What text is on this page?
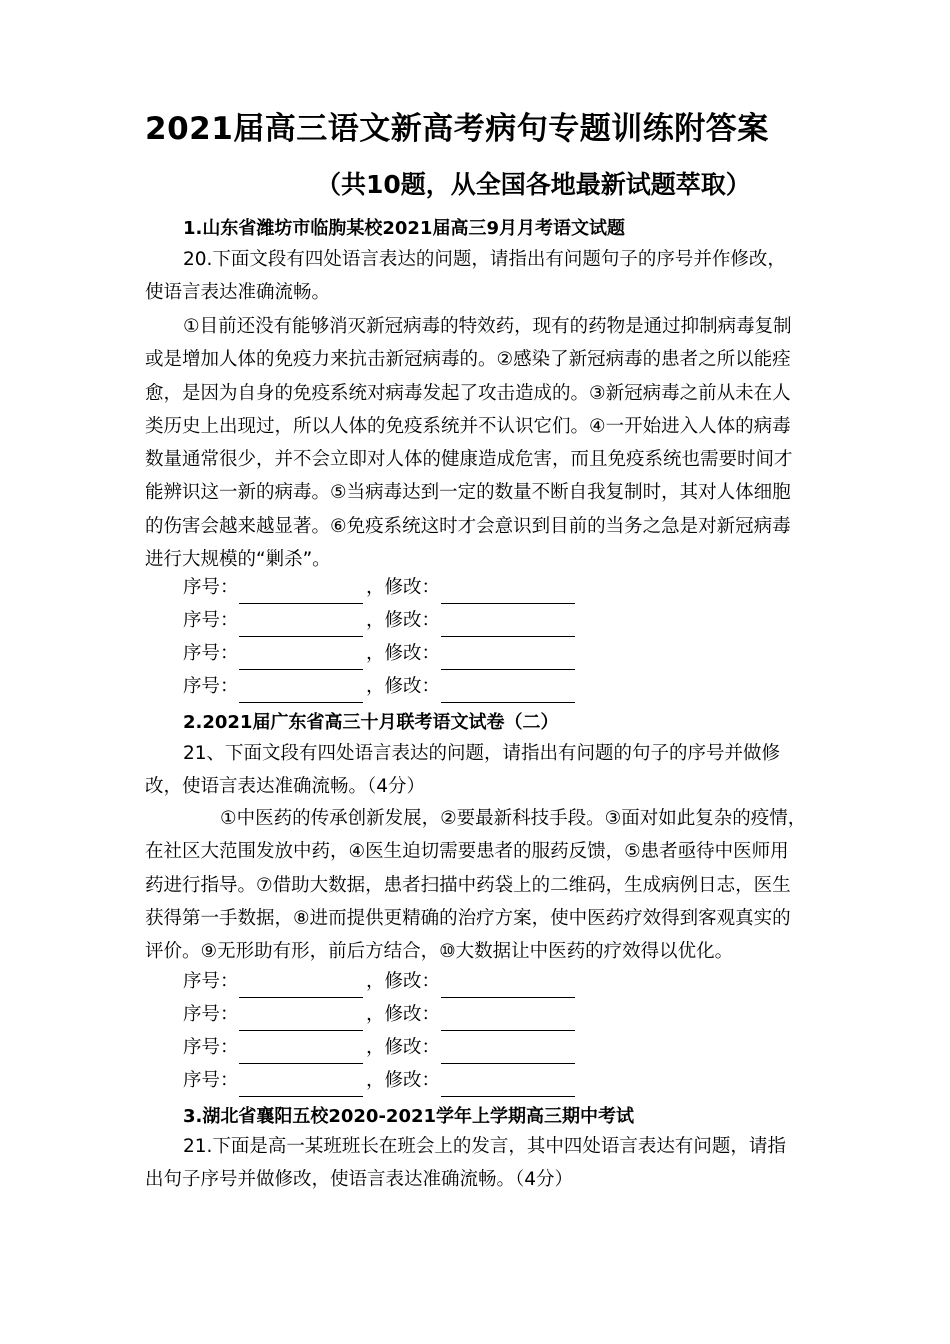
2021届高三语文新高考病句专题训练附答案
（共10题，从全国各地最新试题萃取）
1.山东省潍坊市临朐某校2021届高三9月月考语文试题
20.下面文段有四处语言表达的问题，请指出有问题句子的序号并作修改，
使语言表达准确流畅。
①目前还没有能够消灭新冠病毒的特效药，现有的药物是通过抑制病毒复制
或是增加人体的免疫力来抗击新冠病毒的。②感染了新冠病毒的患者之所以能痊
愈，是因为自身的免疫系统对病毒发起了攻击造成的。③新冠病毒之前从未在人
类历史上出现过，所以人体的免疫系统并不认识它们。④一开始进入人体的病毒
数量通常很少，并不会立即对人体的健康造成危害，而且免疫系统也需要时间才
能辨识这一新的病毒。⑤当病毒达到一定的数量不断自我复制时，其对人体细胞
的伤害会越来越显著。⑥免疫系统这时才会意识到目前的当务之急是对新冠病毒
进行大规模的“剿杀”。
序号：	，修改：
序号：	，修改：
序号：	，修改：
序号：	，修改：
2.2021届广东省高三十月联考语文试卷（二）
21、下面文段有四处语言表达的问题，请指出有问题的句子的序号并做修
改，使语言表达准确流畅。（4分）
①中医药的传承创新发展，②要最新科技手段。③面对如此复杂的疫情，
在社区大范围发放中药，④医生迫切需要患者的服药反馈，⑤患者亟待中医师用
药进行指导。⑦借助大数据，患者扫描中药袋上的二维码，生成病例日志，医生
获得第一手数据，⑧进而提供更精确的治疗方案，使中医药疗效得到客观真实的
评价。⑨无形助有形，前后方结合，⑩大数据让中医药的疗效得以优化。
序号：	，修改：
序号：	，修改：
序号：	，修改：
序号：	，修改：
3.湖北省襄阳五校2020-2021学年上学期高三期中考试
21.下面是高一某班班长在班会上的发言，其中四处语言表达有问题，请指
出句子序号并做修改，使语言表达准确流畅。（4分）
